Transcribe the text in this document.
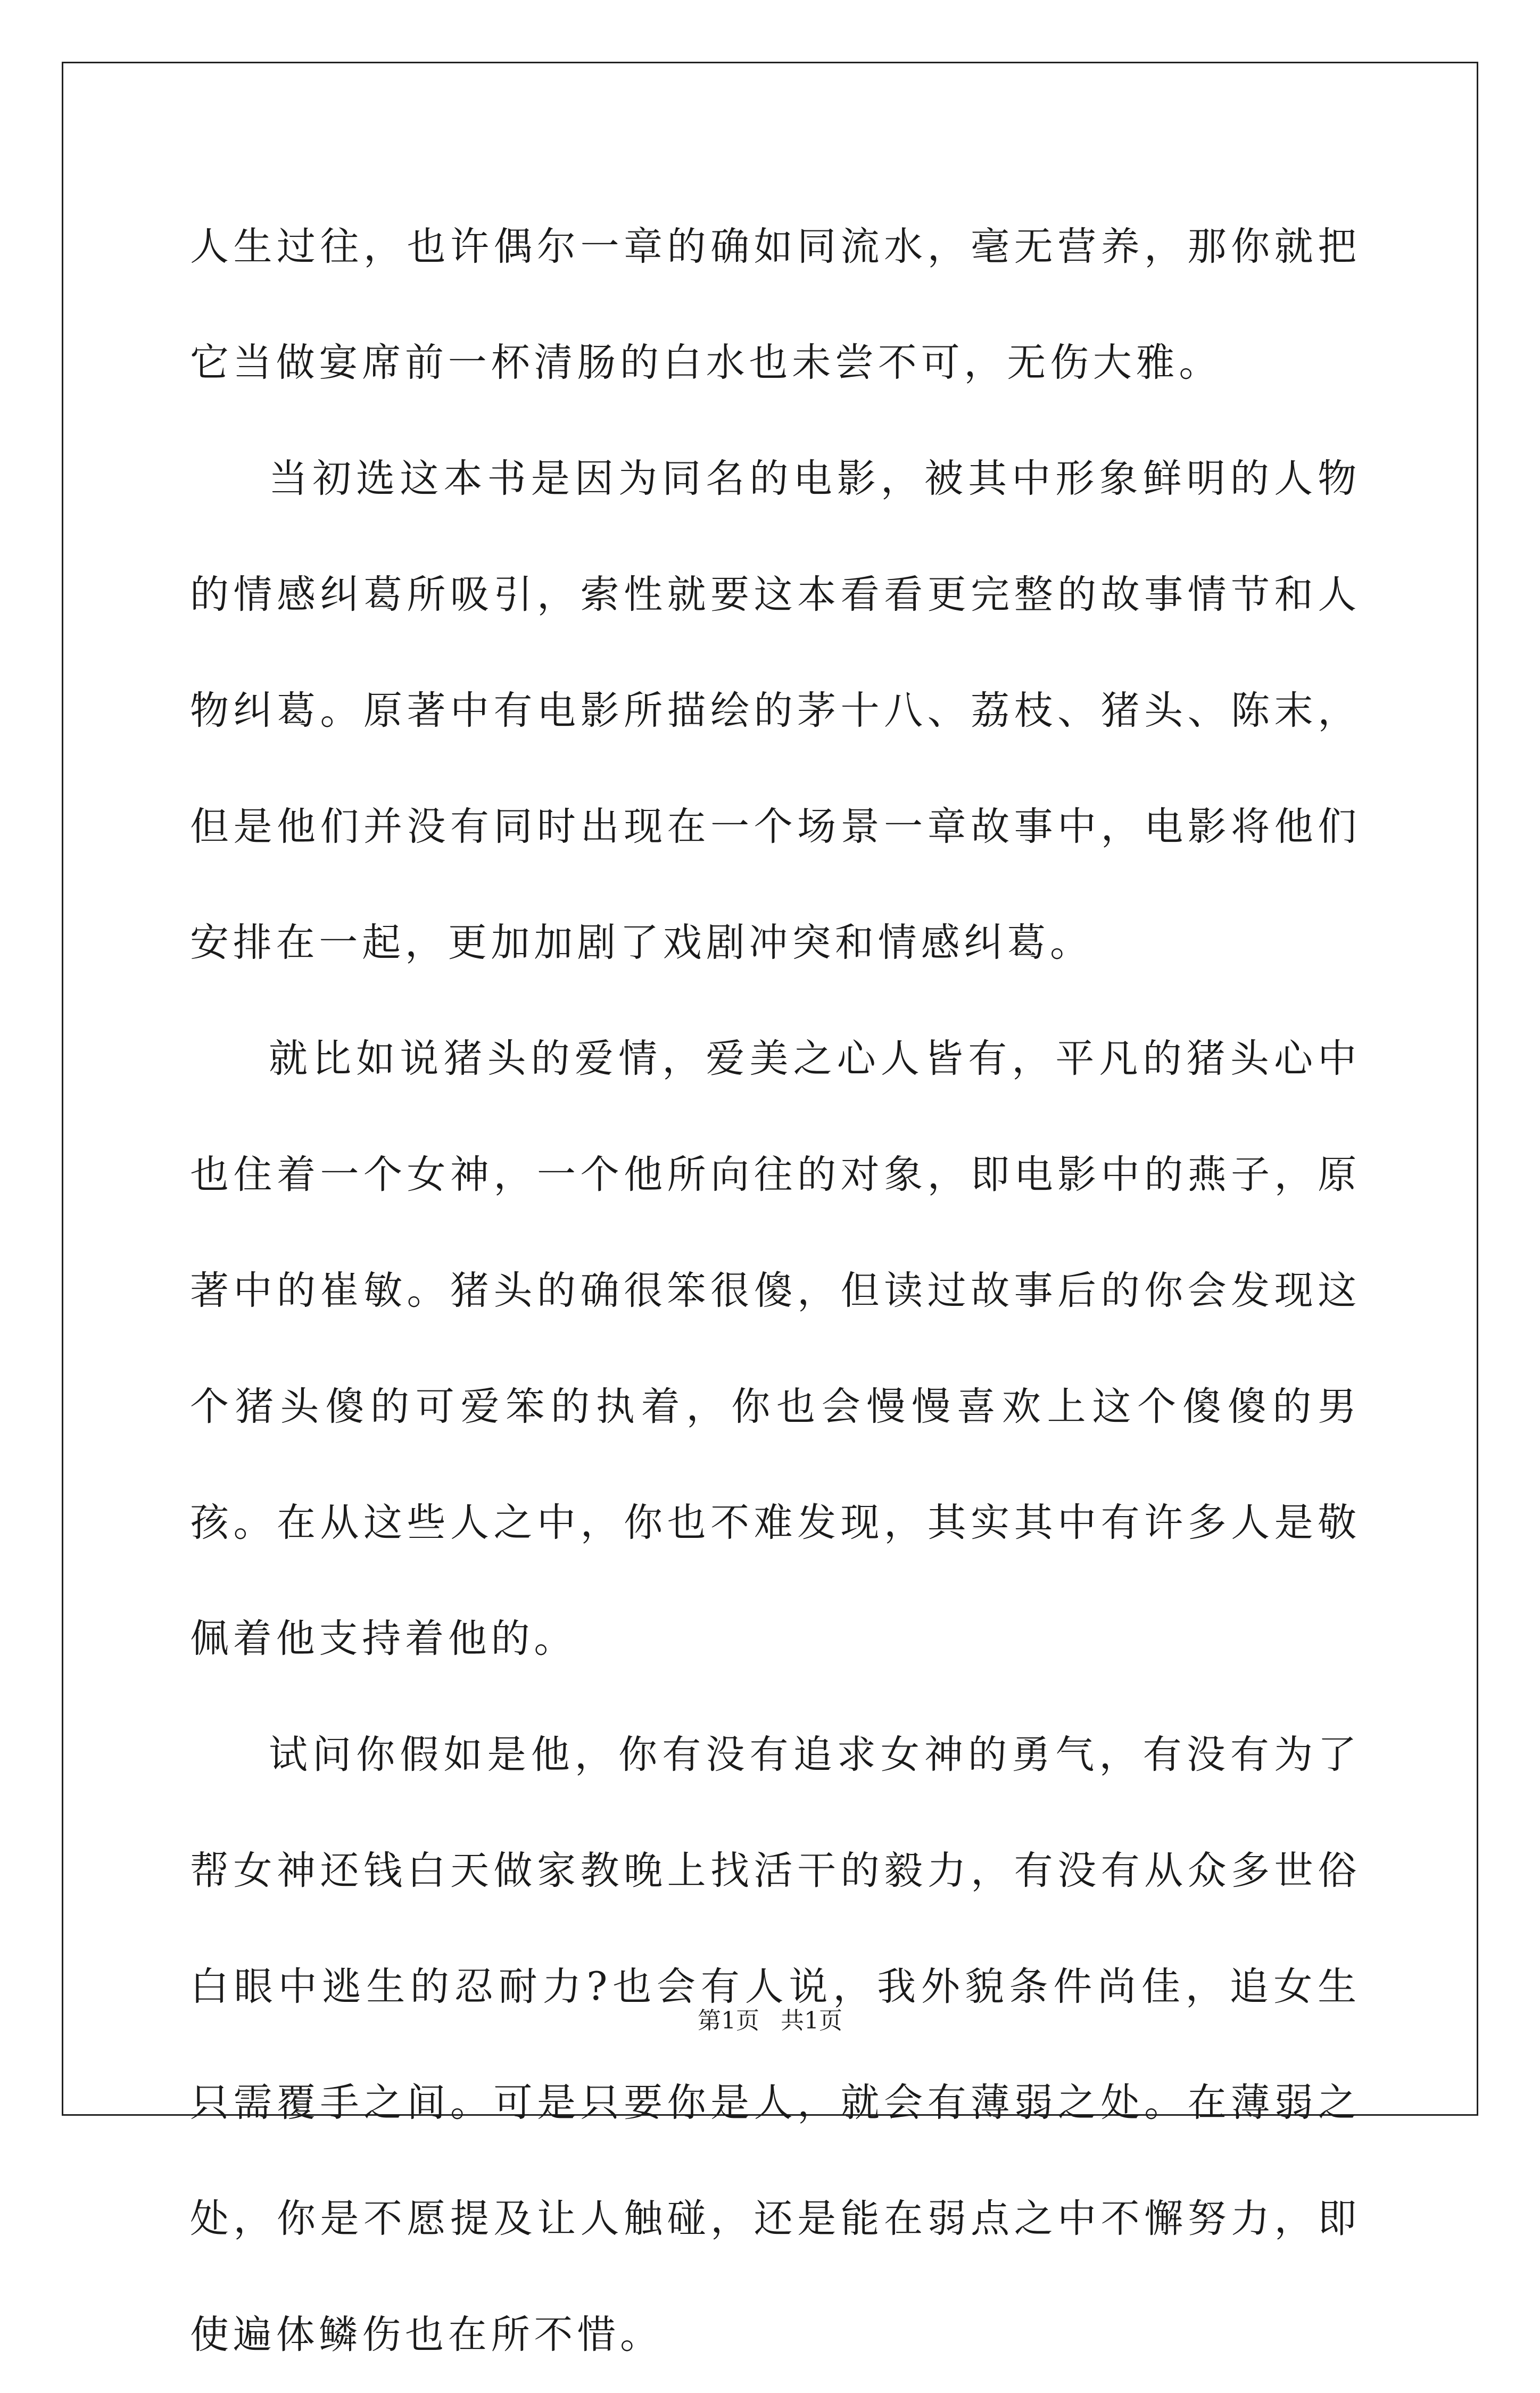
人生过往，也许偶尔一章的确如同流水，毫无营养，那你就把它当做宴席前一杯清肠的白水也未尝不可，无伤大雅。

当初选这本书是因为同名的电影，被其中形象鲜明的人物的情感纠葛所吸引，索性就要这本看看更完整的故事情节和人物纠葛。原著中有电影所描绘的茅十八、荔枝、猪头、陈末，但是他们并没有同时出现在一个场景一章故事中，电影将他们安排在一起，更加加剧了戏剧冲突和情感纠葛。

就比如说猪头的爱情，爱美之心人皆有，平凡的猪头心中也住着一个女神，一个他所向往的对象，即电影中的燕子，原著中的崔敏。猪头的确很笨很傻，但读过故事后的你会发现这个猪头傻的可爱笨的执着，你也会慢慢喜欢上这个傻傻的男孩。在从这些人之中，你也不难发现，其实其中有许多人是敬佩着他支持着他的。

试问你假如是他，你有没有追求女神的勇气，有没有为了帮女神还钱白天做家教晚上找活干的毅力，有没有从众多世俗白眼中逃生的忍耐力?也会有人说，我外貌条件尚佳，追女生只需覆手之间。可是只要你是人，就会有薄弱之处。在薄弱之处，你是不愿提及让人触碰，还是能在弱点之中不懈努力，即使遍体鳞伤也在所不惜。

第1页 共1页
